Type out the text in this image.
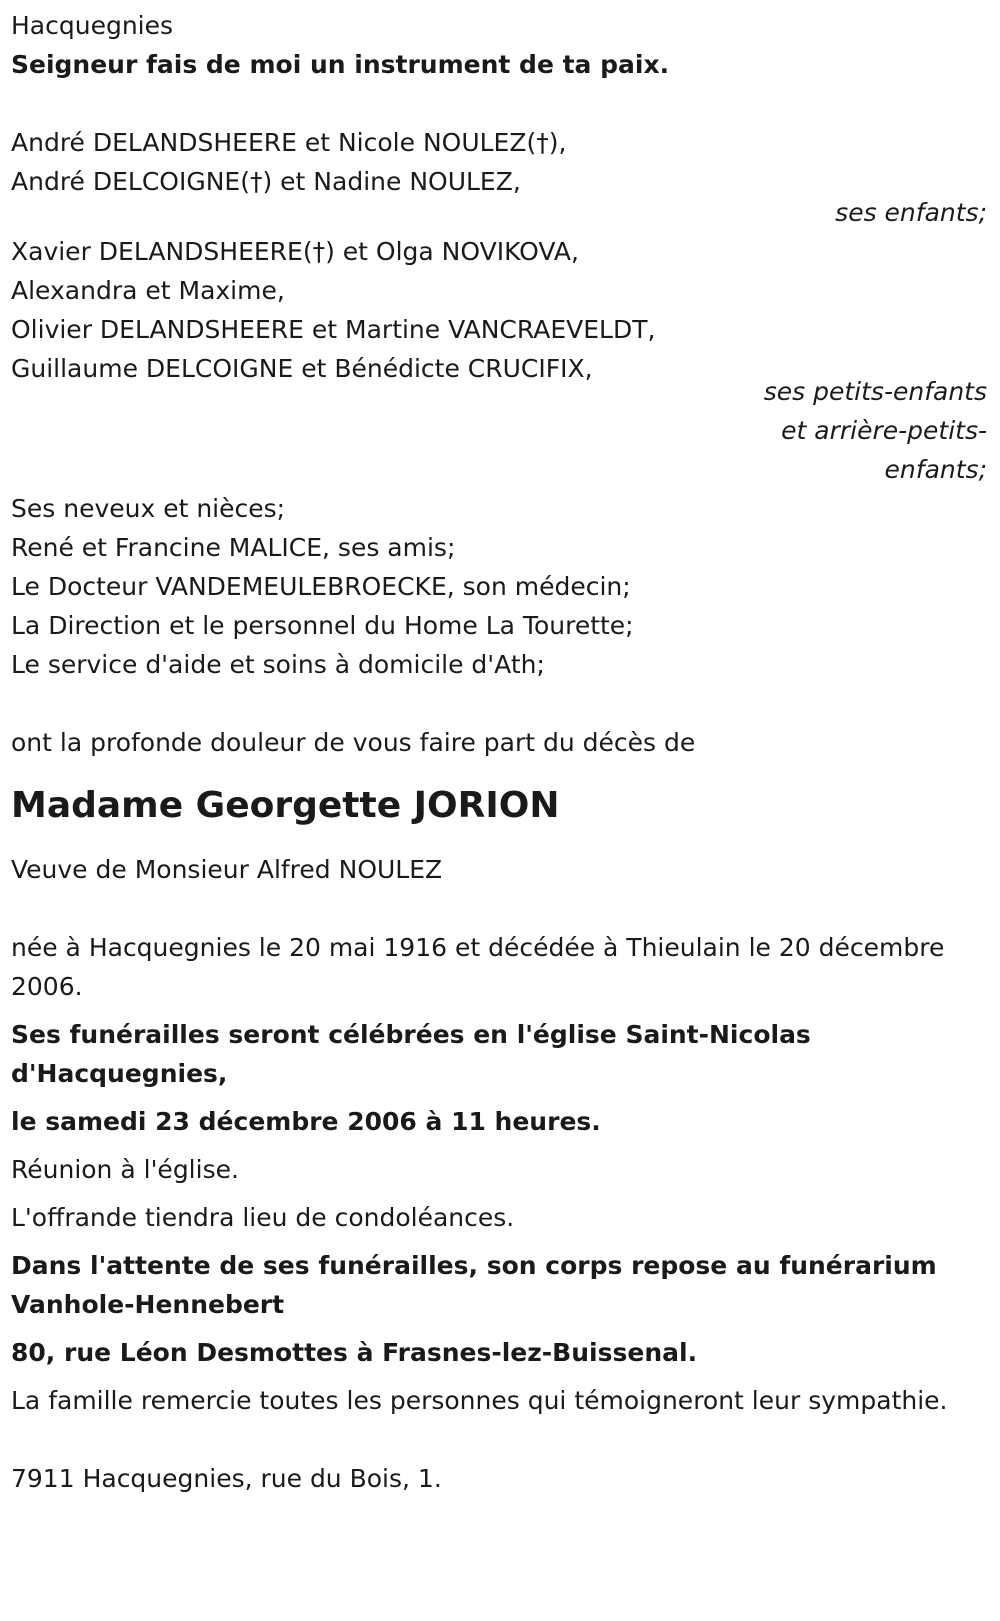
Hacquegnies
Seigneur fais de moi un instrument de ta paix.
André DELANDSHEERE et Nicole NOULEZ(†),
André DELCOIGNE(†) et Nadine NOULEZ,
ses enfants;
Xavier DELANDSHEERE(†) et Olga NOVIKOVA,
Alexandra et Maxime,
Olivier DELANDSHEERE et Martine VANCRAEVELDT,
Guillaume DELCOIGNE et Bénédicte CRUCIFIX,
ses petits-enfants
et arrière-petits-
enfants;
Ses neveux et nièces;
René et Francine MALICE, ses amis;
Le Docteur VANDEMEULEBROECKE, son médecin;
La Direction et le personnel du Home La Tourette;
Le service d'aide et soins à domicile d'Ath;
ont la profonde douleur de vous faire part du décès de
Madame Georgette JORION
Veuve de Monsieur Alfred NOULEZ
née à Hacquegnies le 20 mai 1916 et décédée à Thieulain le 20 décembre 2006.
Ses funérailles seront célébrées en l'église Saint-Nicolas d'Hacquegnies,
le samedi 23 décembre 2006 à 11 heures.
Réunion à l'église.
L'offrande tiendra lieu de condoléances.
Dans l'attente de ses funérailles, son corps repose au funérarium Vanhole-Hennebert
80, rue Léon Desmottes à Frasnes-lez-Buissenal.
La famille remercie toutes les personnes qui témoigneront leur sympathie.
7911 Hacquegnies, rue du Bois, 1.
